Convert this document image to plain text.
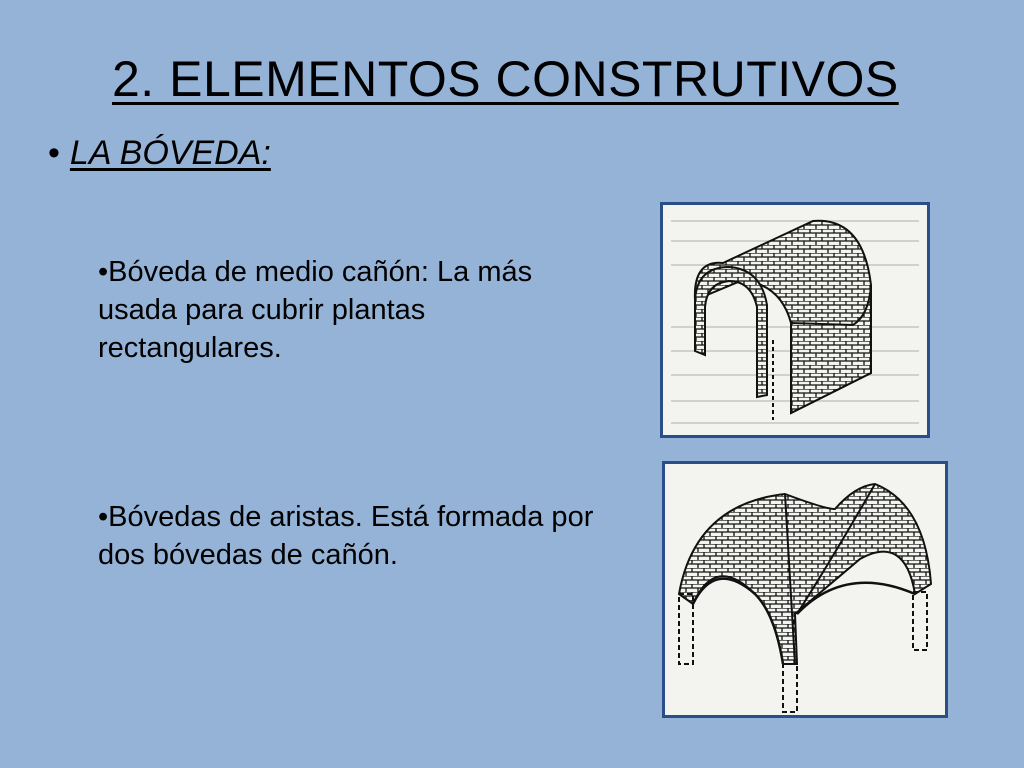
2. ELEMENTOS CONSTRUTIVOS
• LA BÓVEDA:
•Bóveda de medio cañón: La más usada para cubrir plantas rectangulares.
•Bóvedas de aristas. Está formada por dos bóvedas de cañón.
